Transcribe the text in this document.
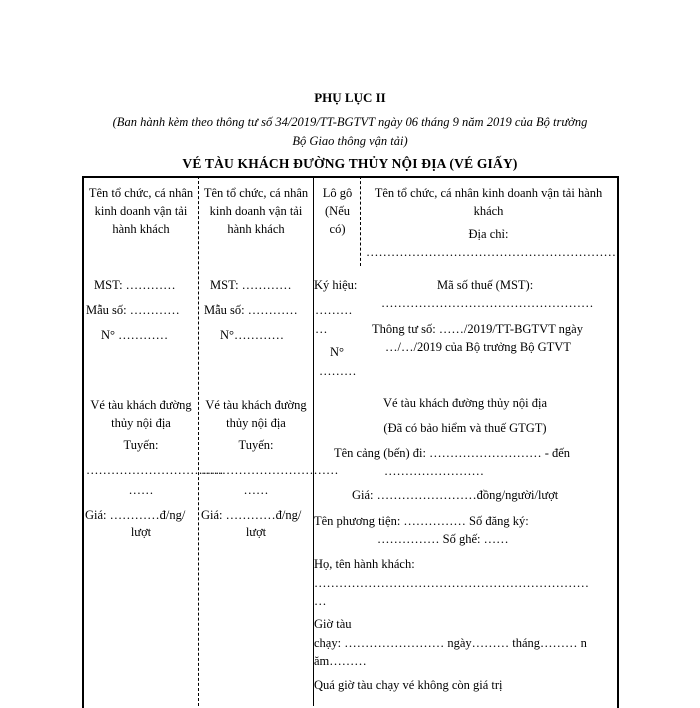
PHỤ LỤC II
(Ban hành kèm theo thông tư số 34/2019/TT-BGTVT ngày 06 tháng 9 năm 2019 của Bộ trưởng
Bộ Giao thông vận tải)
VÉ TÀU KHÁCH ĐƯỜNG THỦY NỘI ĐỊA (VÉ GIẤY)
Tên tổ chức, cá nhân
kinh doanh vận tải
hành khách
MST: …………
Mẫu số: …………
N° …………
Vé tàu khách đường
thủy nội địa
Tuyến:
……………………………
……
Giá: …………đ/ng/
lượt
Tên tổ chức, cá nhân
kinh doanh vận tải
hành khách
MST: …………
Mẫu số: …………
N°…………
Vé tàu khách đường
thủy nội địa
Tuyến:
……………………………
……
Giá: …………đ/ng/
lượt
Lô gô
(Nếu
có)
Ký hiệu:
………
…
N°
………
Tên tổ chức, cá nhân kinh doanh vận tải hành
khách
Địa chỉ:
……………………………………………………
Mã số thuế (MST):
……………………………………………
Thông tư số: ……/2019/TT-BGTVT ngày
…/…/2019 của Bộ trưởng Bộ GTVT
Vé tàu khách đường thủy nội địa
(Đã có bảo hiểm và thuế GTGT)
Tên cảng (bến) đi: ……………………… - đến
……………………
Giá: ……………………đồng/người/lượt
Tên phương tiện: …………… Số đăng ký:
…………… Số ghế: ……
Họ, tên hành khách:
…………………………………………………………
…
Giờ tàu
chạy: …………………… ngày……… tháng……… n
ăm………
Quá giờ tàu chạy vé không còn giá trị
